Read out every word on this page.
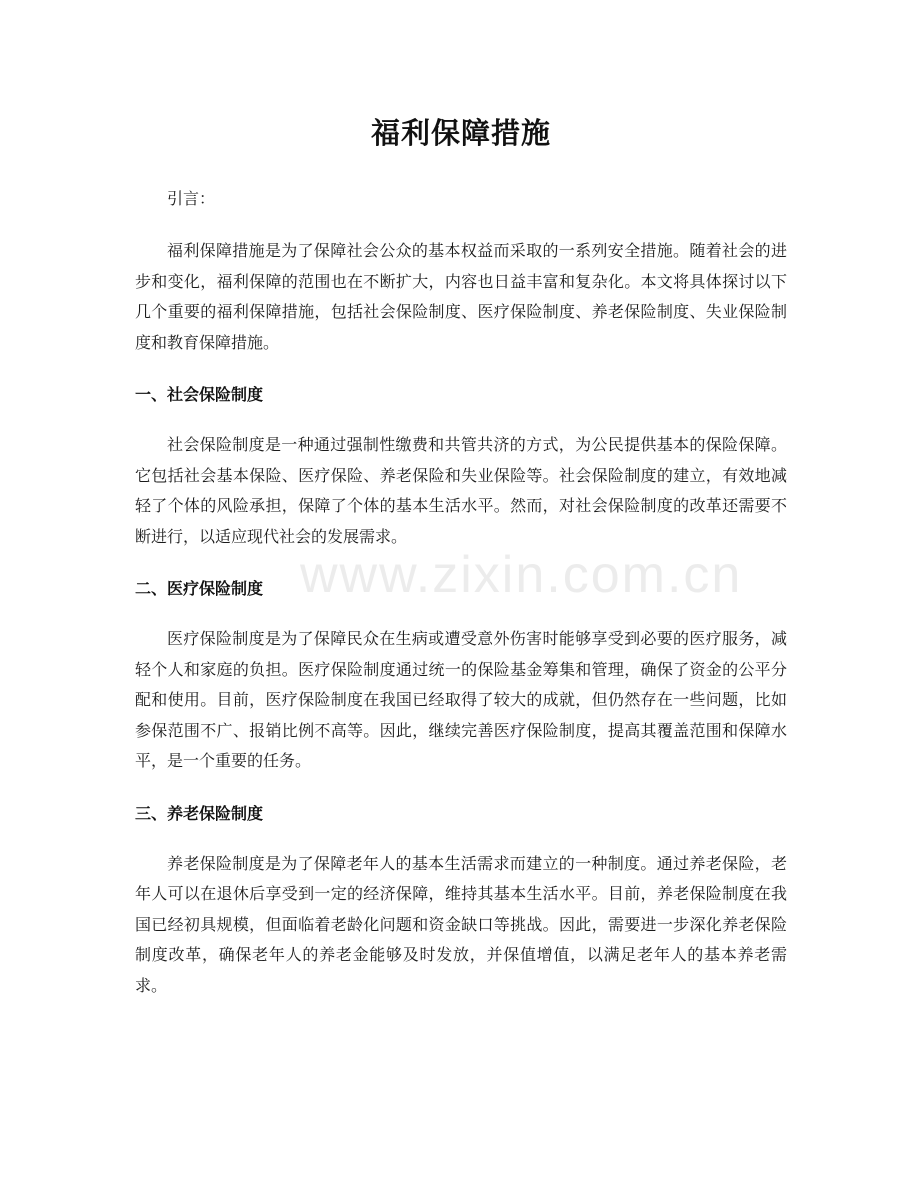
福利保障措施

引言：

福利保障措施是为了保障社会公众的基本权益而采取的一系列安全措施。随着社会的进步和变化，福利保障的范围也在不断扩大，内容也日益丰富和复杂化。本文将具体探讨以下几个重要的福利保障措施，包括社会保险制度、医疗保险制度、养老保险制度、失业保险制度和教育保障措施。

一、社会保险制度

社会保险制度是一种通过强制性缴费和共管共济的方式，为公民提供基本的保险保障。它包括社会基本保险、医疗保险、养老保险和失业保险等。社会保险制度的建立，有效地减轻了个体的风险承担，保障了个体的基本生活水平。然而，对社会保险制度的改革还需要不断进行，以适应现代社会的发展需求。

二、医疗保险制度

医疗保险制度是为了保障民众在生病或遭受意外伤害时能够享受到必要的医疗服务，减轻个人和家庭的负担。医疗保险制度通过统一的保险基金筹集和管理，确保了资金的公平分配和使用。目前，医疗保险制度在我国已经取得了较大的成就，但仍然存在一些问题，比如参保范围不广、报销比例不高等。因此，继续完善医疗保险制度，提高其覆盖范围和保障水平，是一个重要的任务。

三、养老保险制度

养老保险制度是为了保障老年人的基本生活需求而建立的一种制度。通过养老保险，老年人可以在退休后享受到一定的经济保障，维持其基本生活水平。目前，养老保险制度在我国已经初具规模，但面临着老龄化问题和资金缺口等挑战。因此，需要进一步深化养老保险制度改革，确保老年人的养老金能够及时发放，并保值增值，以满足老年人的基本养老需求。

www.zixin.com.cn
